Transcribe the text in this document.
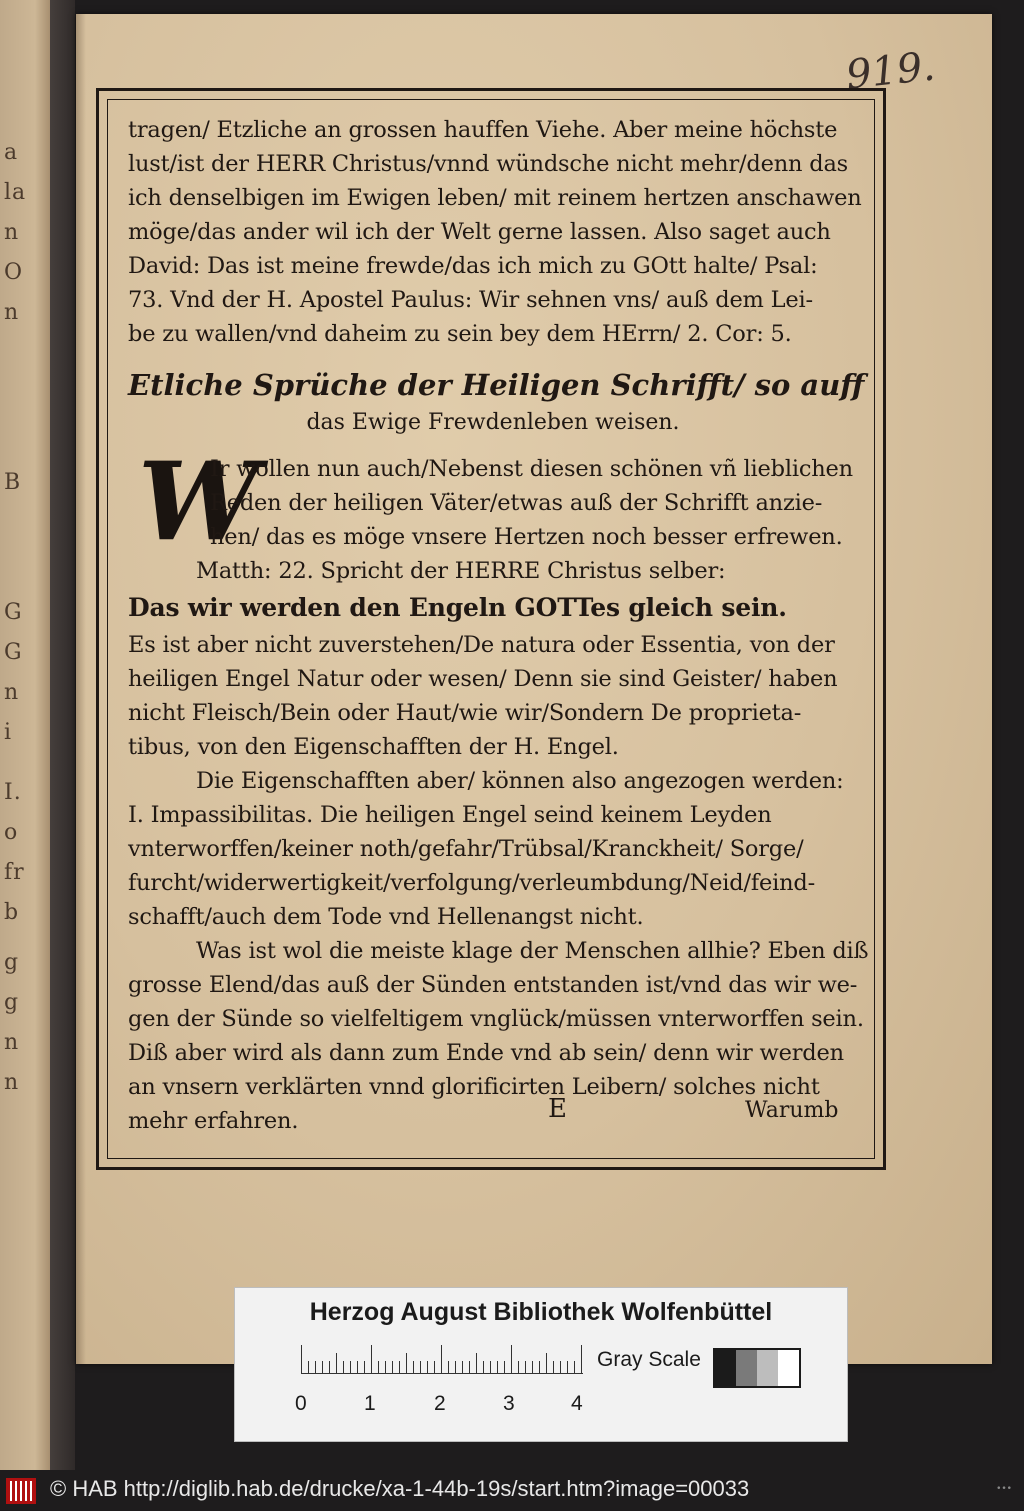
a
la
n
O
n
B
G
G
n
i
I.
o
fr
b
g
g
n
n
919.
tragen/ Etzliche an grossen hauffen Viehe. Aber meine höchste
lust/ist der HERR Christus/vnnd wündsche nicht mehr/denn das
ich denselbigen im Ewigen leben/ mit reinem hertzen anschawen
möge/das ander wil ich der Welt gerne lassen. Also saget auch
David: Das ist meine frewde/das ich mich zu GOtt halte/ Psal:
73. Vnd der H. Apostel Paulus: Wir sehnen vns/ auß dem Lei-
be zu wallen/vnd daheim zu sein bey dem HErrn/ 2. Cor: 5.
Etliche Sprüche der Heiligen Schrifft/ so auff
das Ewige Frewdenleben weisen.
W
Ir wollen nun auch/Nebenst diesen schönen vñ lieblichen
Reden der heiligen Väter/etwas auß der Schrifft anzie-
hen/ das es möge vnsere Hertzen noch besser erfrewen.
Matth: 22. Spricht der HERRE Christus selber:
Das wir werden den Engeln GOTTes gleich sein.
Es ist aber nicht zuverstehen/De natura oder Essentia, von der
heiligen Engel Natur oder wesen/ Denn sie sind Geister/ haben
nicht Fleisch/Bein oder Haut/wie wir/Sondern De proprieta-
tibus, von den Eigenschafften der H. Engel.
Die Eigenschafften aber/ können also angezogen werden:
I. Impassibilitas. Die heiligen Engel seind keinem Leyden
vnterworffen/keiner noth/gefahr/Trübsal/Kranckheit/ Sorge/
furcht/widerwertigkeit/verfolgung/verleumbdung/Neid/feind-
schafft/auch dem Tode vnd Hellenangst nicht.
Was ist wol die meiste klage der Menschen allhie? Eben diß
grosse Elend/das auß der Sünden entstanden ist/vnd das wir we-
gen der Sünde so vielfeltigem vnglück/müssen vnterworffen sein.
Diß aber wird als dann zum Ende vnd ab sein/ denn wir werden
an vnsern verklärten vnnd glorificirten Leibern/ solches nicht
mehr erfahren.	E	Warumb
Herzog August Bibliothek Wolfenbüttel
0	1	2	3	4
Gray Scale
© HAB http://diglib.hab.de/drucke/xa-1-44b-19s/start.htm?image=00033	•••
